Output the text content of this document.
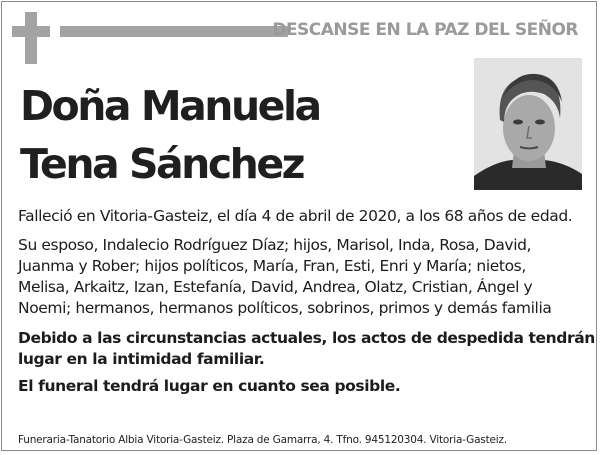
DESCANSE EN LA PAZ DEL SEÑOR
Doña Manuela
Tena Sánchez
Falleció en Vitoria-Gasteiz, el día 4 de abril de 2020, a los 68 años de edad.
Su esposo, Indalecio Rodríguez Díaz; hijos, Marisol, Inda, Rosa, David,
Juanma y Rober; hijos políticos, María, Fran, Esti, Enri y María; nietos,
Melisa, Arkaitz, Izan, Estefanía, David, Andrea, Olatz, Cristian, Ángel y
Noemi; hermanos, hermanos políticos, sobrinos, primos y demás familia
Debido a las circunstancias actuales, los actos de despedida tendrán
lugar en la intimidad familiar.
El funeral tendrá lugar en cuanto sea posible.
Funeraria-Tanatorio Albia Vitoria-Gasteiz. Plaza de Gamarra, 4. Tfno. 945120304. Vitoria-Gasteiz.
